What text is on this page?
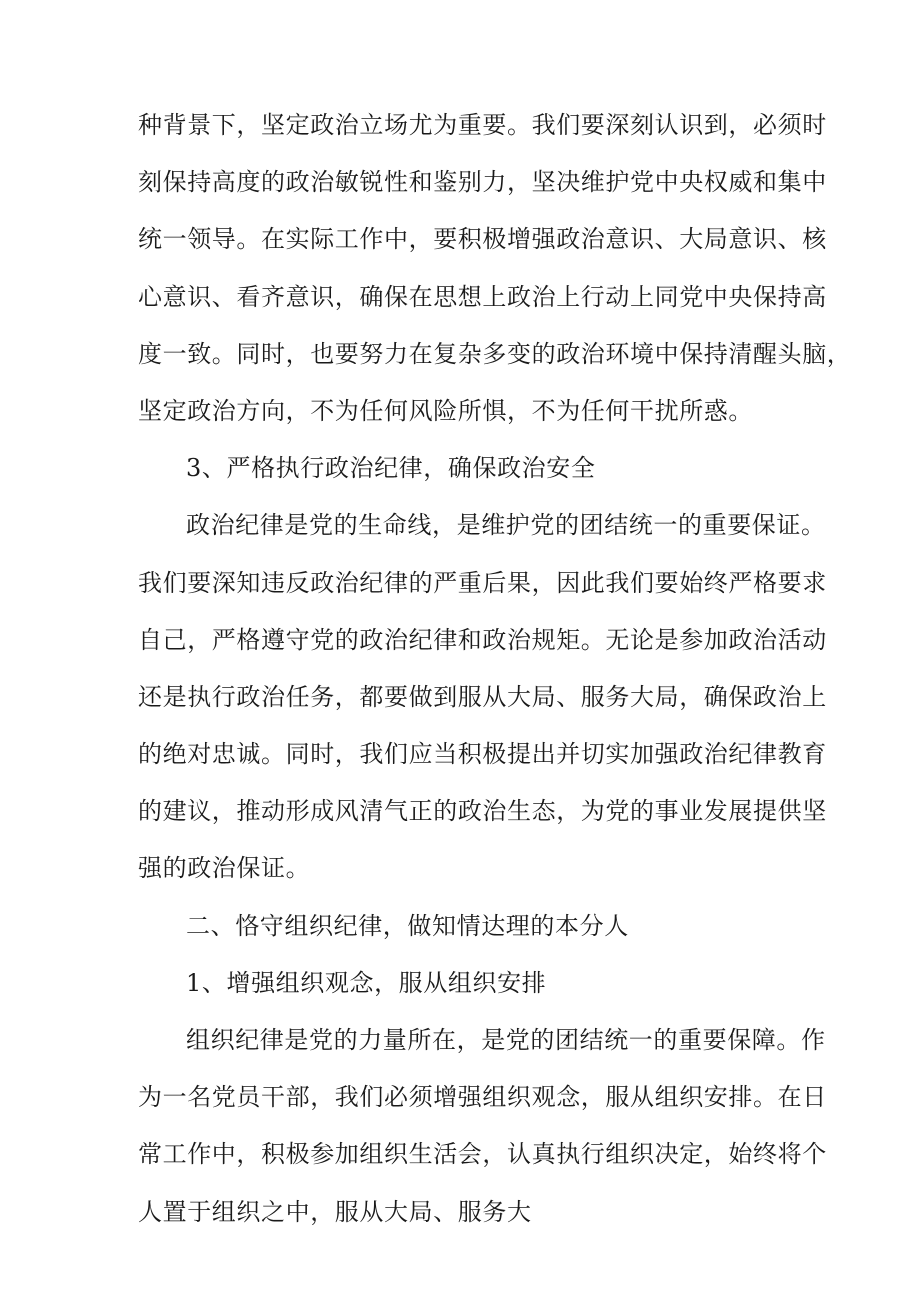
种背景下，坚定政治立场尤为重要。我们要深刻认识到，必须时
刻保持高度的政治敏锐性和鉴别力，坚决维护党中央权威和集中
统一领导。在实际工作中，要积极增强政治意识、大局意识、核
心意识、看齐意识，确保在思想上政治上行动上同党中央保持高
度一致。同时，也要努力在复杂多变的政治环境中保持清醒头脑，
坚定政治方向，不为任何风险所惧，不为任何干扰所惑。
3、严格执行政治纪律，确保政治安全
政治纪律是党的生命线，是维护党的团结统一的重要保证。
我们要深知违反政治纪律的严重后果，因此我们要始终严格要求
自己，严格遵守党的政治纪律和政治规矩。无论是参加政治活动
还是执行政治任务，都要做到服从大局、服务大局，确保政治上
的绝对忠诚。同时，我们应当积极提出并切实加强政治纪律教育
的建议，推动形成风清气正的政治生态，为党的事业发展提供坚
强的政治保证。
二、恪守组织纪律，做知情达理的本分人
1、增强组织观念，服从组织安排
组织纪律是党的力量所在，是党的团结统一的重要保障。作
为一名党员干部，我们必须增强组织观念，服从组织安排。在日
常工作中，积极参加组织生活会，认真执行组织决定，始终将个
人置于组织之中，服从大局、服务大
